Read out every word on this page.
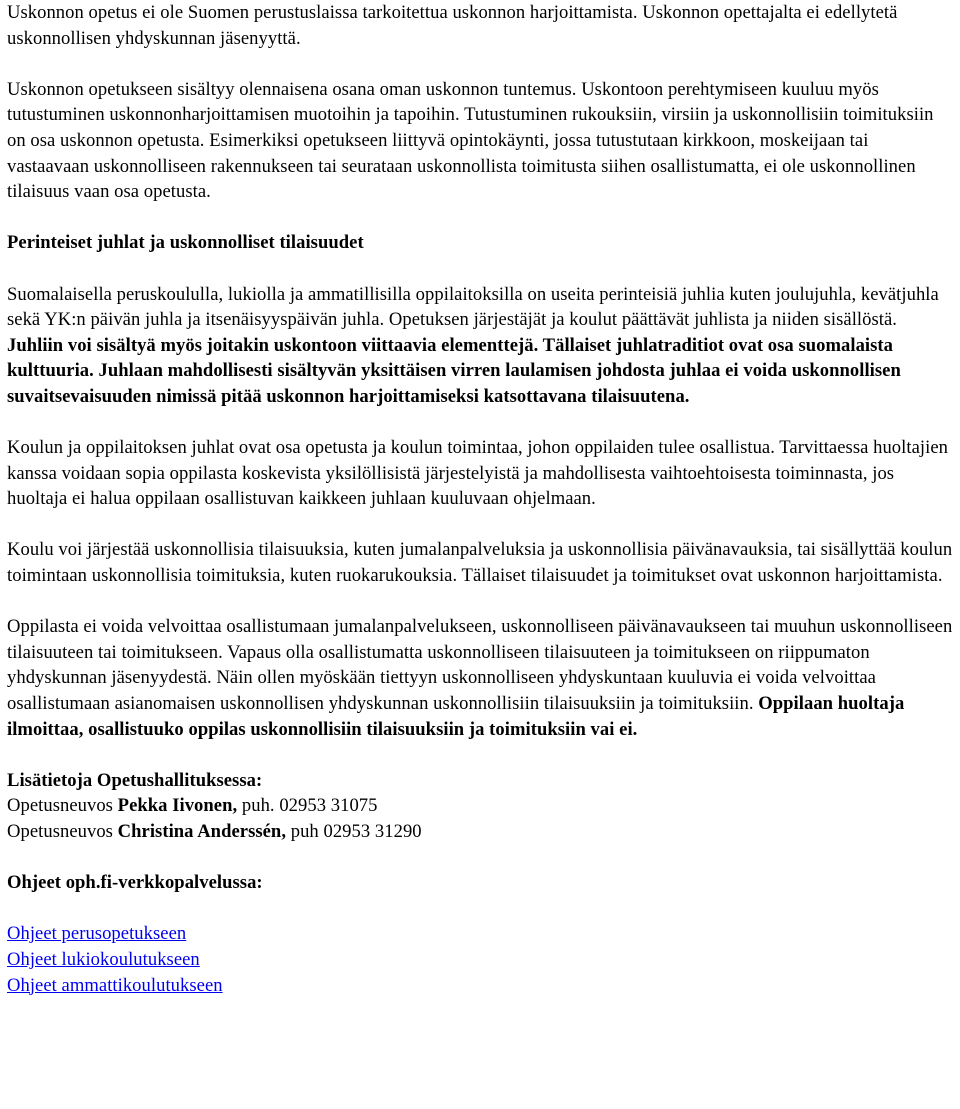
Uskonnon opetus ei ole Suomen perustuslaissa tarkoitettua uskonnon harjoittamista. Uskonnon opettajalta ei edellytetä uskonnollisen yhdyskunnan jäsenyyttä.

Uskonnon opetukseen sisältyy olennaisena osana oman uskonnon tuntemus. Uskontoon perehtymiseen kuuluu myös tutustuminen uskonnonharjoittamisen muotoihin ja tapoihin. Tutustuminen rukouksiin, virsiin ja uskonnollisiin toimituksiin on osa uskonnon opetusta. Esimerkiksi opetukseen liittyvä opintokäynti, jossa tutustutaan kirkkoon, moskeijaan tai vastaavaan uskonnolliseen rakennukseen tai seurataan uskonnollista toimitusta siihen osallistumatta, ei ole uskonnollinen tilaisuus vaan osa opetusta.

Perinteiset juhlat ja uskonnolliset tilaisuudet

Suomalaisella peruskoululla, lukiolla ja ammatillisilla oppilaitoksilla on useita perinteisiä juhlia kuten joulujuhla, kevätjuhla sekä YK:n päivän juhla ja itsenäisyyspäivän juhla. Opetuksen järjestäjät ja koulut päättävät juhlista ja niiden sisällöstä. Juhliin voi sisältyä myös joitakin uskontoon viittaavia elementtejä. Tällaiset juhlatraditiot ovat osa suomalaista kulttuuria. Juhlaan mahdollisesti sisältyvän yksittäisen virren laulamisen johdosta juhlaa ei voida uskonnollisen suvaitsevaisuuden nimissä pitää uskonnon harjoittamiseksi katsottavana tilaisuutena.

Koulun ja oppilaitoksen juhlat ovat osa opetusta ja koulun toimintaa, johon oppilaiden tulee osallistua. Tarvittaessa huoltajien kanssa voidaan sopia oppilasta koskevista yksilöllisistä järjestelyistä ja mahdollisesta vaihtoehtoisesta toiminnasta, jos huoltaja ei halua oppilaan osallistuvan kaikkeen juhlaan kuuluvaan ohjelmaan.

Koulu voi järjestää uskonnollisia tilaisuuksia, kuten jumalanpalveluksia ja uskonnollisia päivänavauksia, tai sisällyttää koulun toimintaan uskonnollisia toimituksia, kuten ruokarukouksia. Tällaiset tilaisuudet ja toimitukset ovat uskonnon harjoittamista.

Oppilasta ei voida velvoittaa osallistumaan jumalanpalvelukseen, uskonnolliseen päivänavaukseen tai muuhun uskonnolliseen tilaisuuteen tai toimitukseen. Vapaus olla osallistumatta uskonnolliseen tilaisuuteen ja toimitukseen on riippumaton yhdyskunnan jäsenyydestä. Näin ollen myöskään tiettyyn uskonnolliseen yhdyskuntaan kuuluvia ei voida velvoittaa osallistumaan asianomaisen uskonnollisen yhdyskunnan uskonnollisiin tilaisuuksiin ja toimituksiin. Oppilaan huoltaja ilmoittaa, osallistuuko oppilas uskonnollisiin tilaisuuksiin ja toimituksiin vai ei.

Lisätietoja Opetushallituksessa:

Opetusneuvos Pekka Iivonen, puh. 02953 31075

Opetusneuvos Christina Anderssén, puh 02953 31290

Ohjeet oph.fi-verkkopalvelussa:

Ohjeet perusopetukseen
Ohjeet lukiokoulutukseen
Ohjeet ammattikoulutukseen
